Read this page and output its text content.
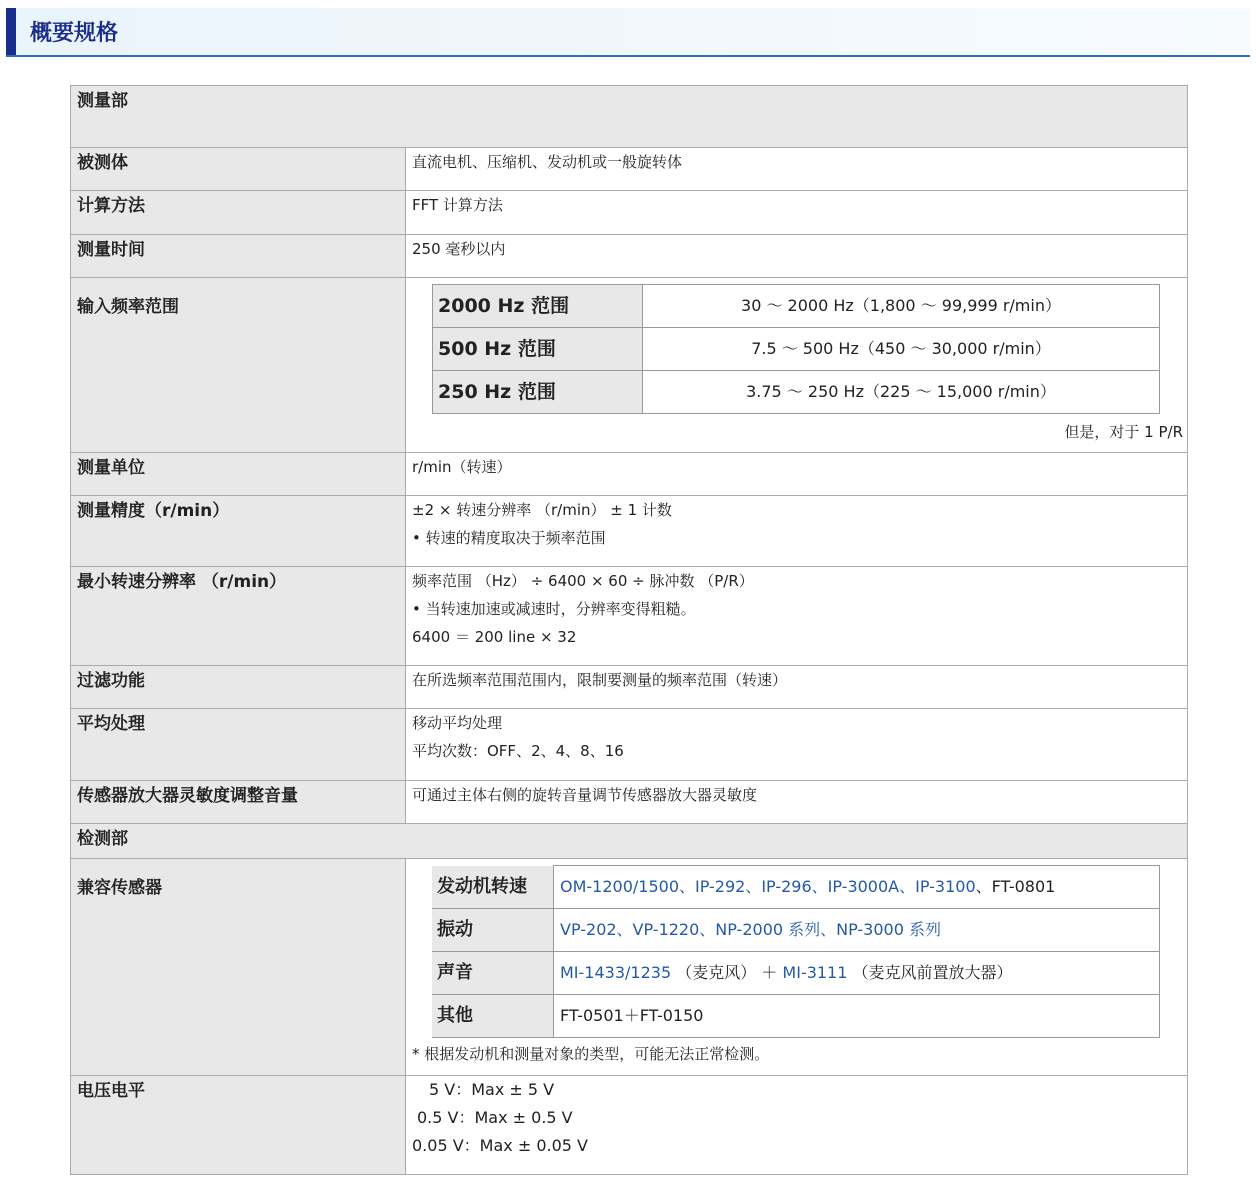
概要规格
测量部
被测体	直流电机、压缩机、发动机或一般旋转体
计算方法	FFT 计算方法
测量时间	250 毫秒以内
输入频率范围		2000 Hz 范围	30 ～ 2000 Hz（1,800 ～ 99,999 r/min）
500 Hz 范围	7.5 ～ 500 Hz（450 ～ 30,000 r/min）
250 Hz 范围	3.75 ～ 250 Hz（225 ～ 15,000 r/min）
但是，对于 1 P/R

测量单位	r/min（转速）
测量精度（r/min）	±2 × 转速分辨率 （r/min） ± 1 计数
• 转速的精度取决于频率范围

最小转速分辨率 （r/min）	频率范围 （Hz） ÷ 6400 × 60 ÷ 脉冲数 （P/R）
• 当转速加速或减速时，分辨率变得粗糙。
6400 ＝ 200 line × 32

过滤功能	在所选频率范围范围内，限制要测量的频率范围（转速）
平均处理	移动平均处理
平均次数：OFF、2、4、8、16

传感器放大器灵敏度调整音量	可通过主体右侧的旋转音量调节传感器放大器灵敏度
检测部
兼容传感器		发动机转速	OM-1200/1500、IP-292、IP-296、IP-3000A、IP-3100、FT-0801
振动	VP-202、VP-1220、NP-2000 系列、NP-3000 系列
声音	MI-1433/1235 （麦克风） ＋ MI-3111 （麦克风前置放大器）
其他	FT-0501＋FT-0150
* 根据发动机和测量对象的类型，可能无法正常检测。

电压电平	5 V：Max ± 5 V
0.5 V：Max ± 0.5 V
0.05 V：Max ± 0.05 V
